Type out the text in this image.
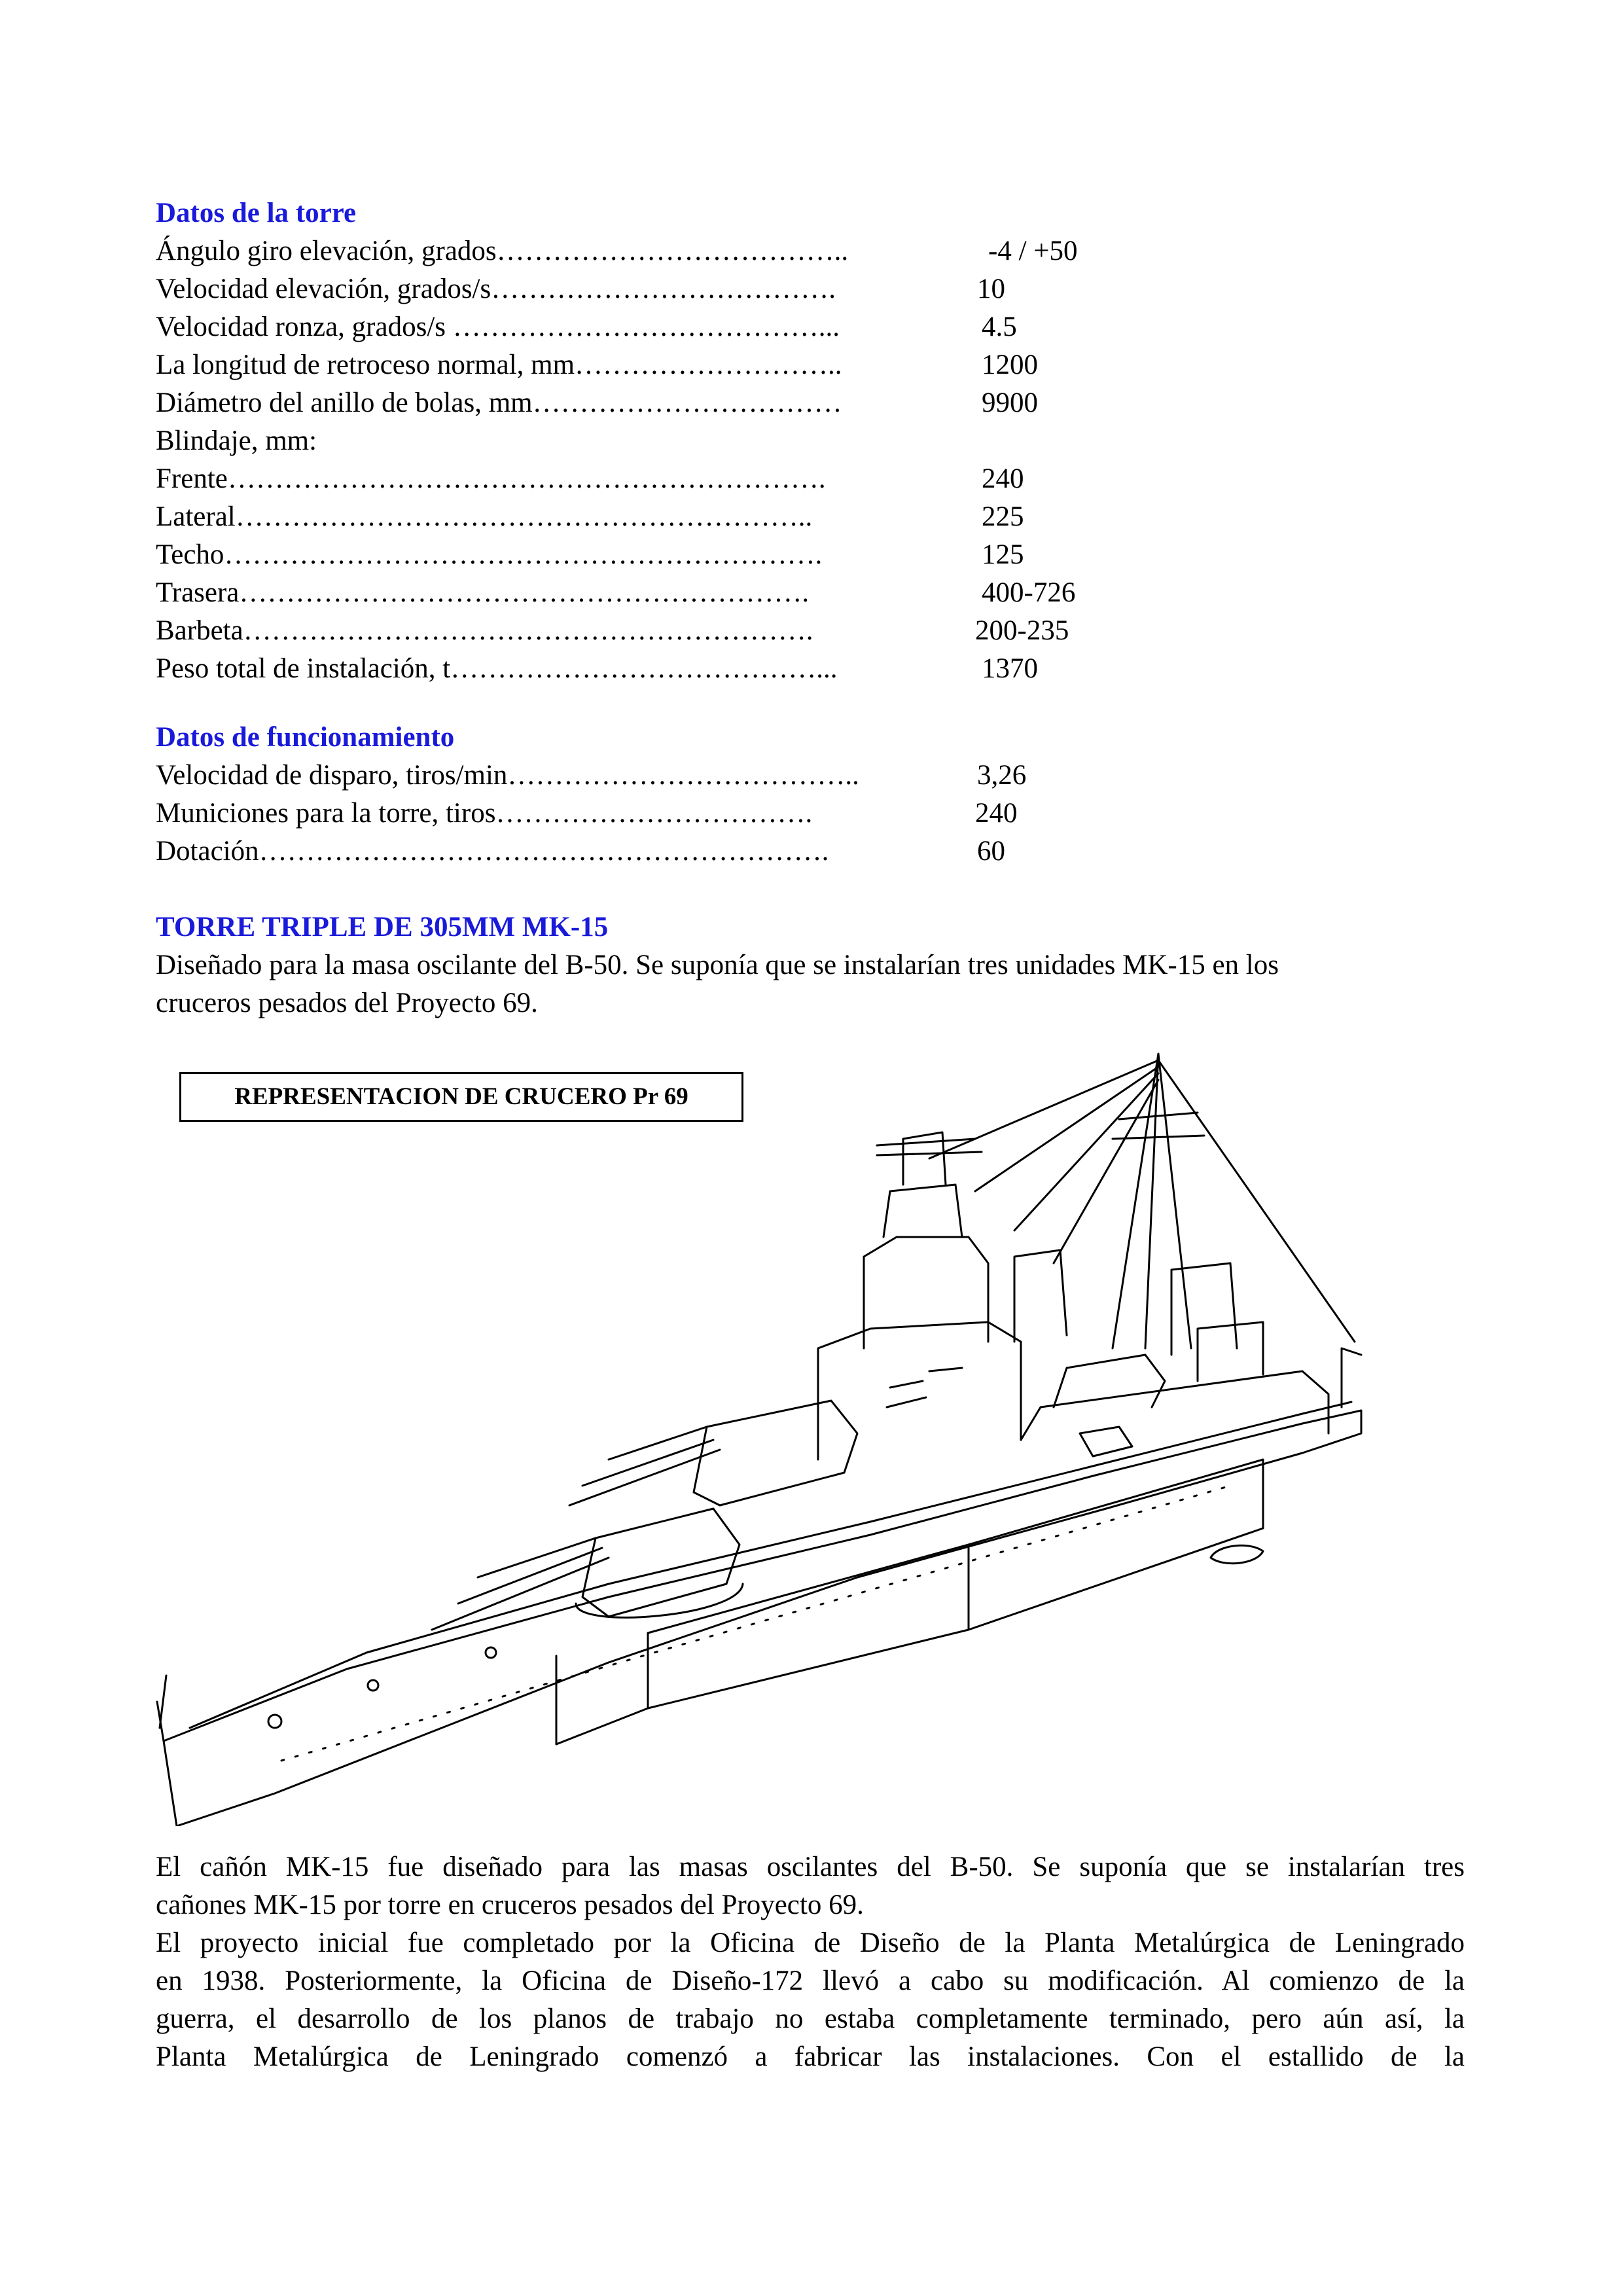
Datos de la torre
Ángulo giro elevación, grados………………………………..	-4 / +50
Velocidad elevación, grados/s……………………………….	10
Velocidad ronza, grados/s …………………………………...	4.5
La longitud de retroceso normal, mm………………………..	1200
Diámetro del anillo de bolas, mm……………………………	9900
Blindaje, mm:
Frente……………………………………………………….	240
Lateral……………………………………………………..	225
Techo……………………………………………………….	125
Trasera…………………………………………………….	400-726
Barbeta…………………………………………………….	200-235
Peso total de instalación, t…………………………………...	1370
Datos de funcionamiento
Velocidad de disparo, tiros/min………………………………..	3,26
Municiones para la torre, tiros…………………………….	240
Dotación…………………………………………………….	60
TORRE TRIPLE DE 305MM MK-15
Diseñado para la masa oscilante del B-50. Se suponía que se instalarían tres unidades MK-15 en los
cruceros pesados del Proyecto 69.
REPRESENTACION DE CRUCERO Pr 69
El cañón MK-15 fue diseñado para las masas oscilantes del B-50. Se suponía que se instalarían tres
cañones MK-15 por torre en cruceros pesados del Proyecto 69.
El proyecto inicial fue completado por la Oficina de Diseño de la Planta Metalúrgica de Leningrado
en 1938. Posteriormente, la Oficina de Diseño-172 llevó a cabo su modificación. Al comienzo de la
guerra, el desarrollo de los planos de trabajo no estaba completamente terminado, pero aún así, la
Planta Metalúrgica de Leningrado comenzó a fabricar las instalaciones. Con el estallido de la
